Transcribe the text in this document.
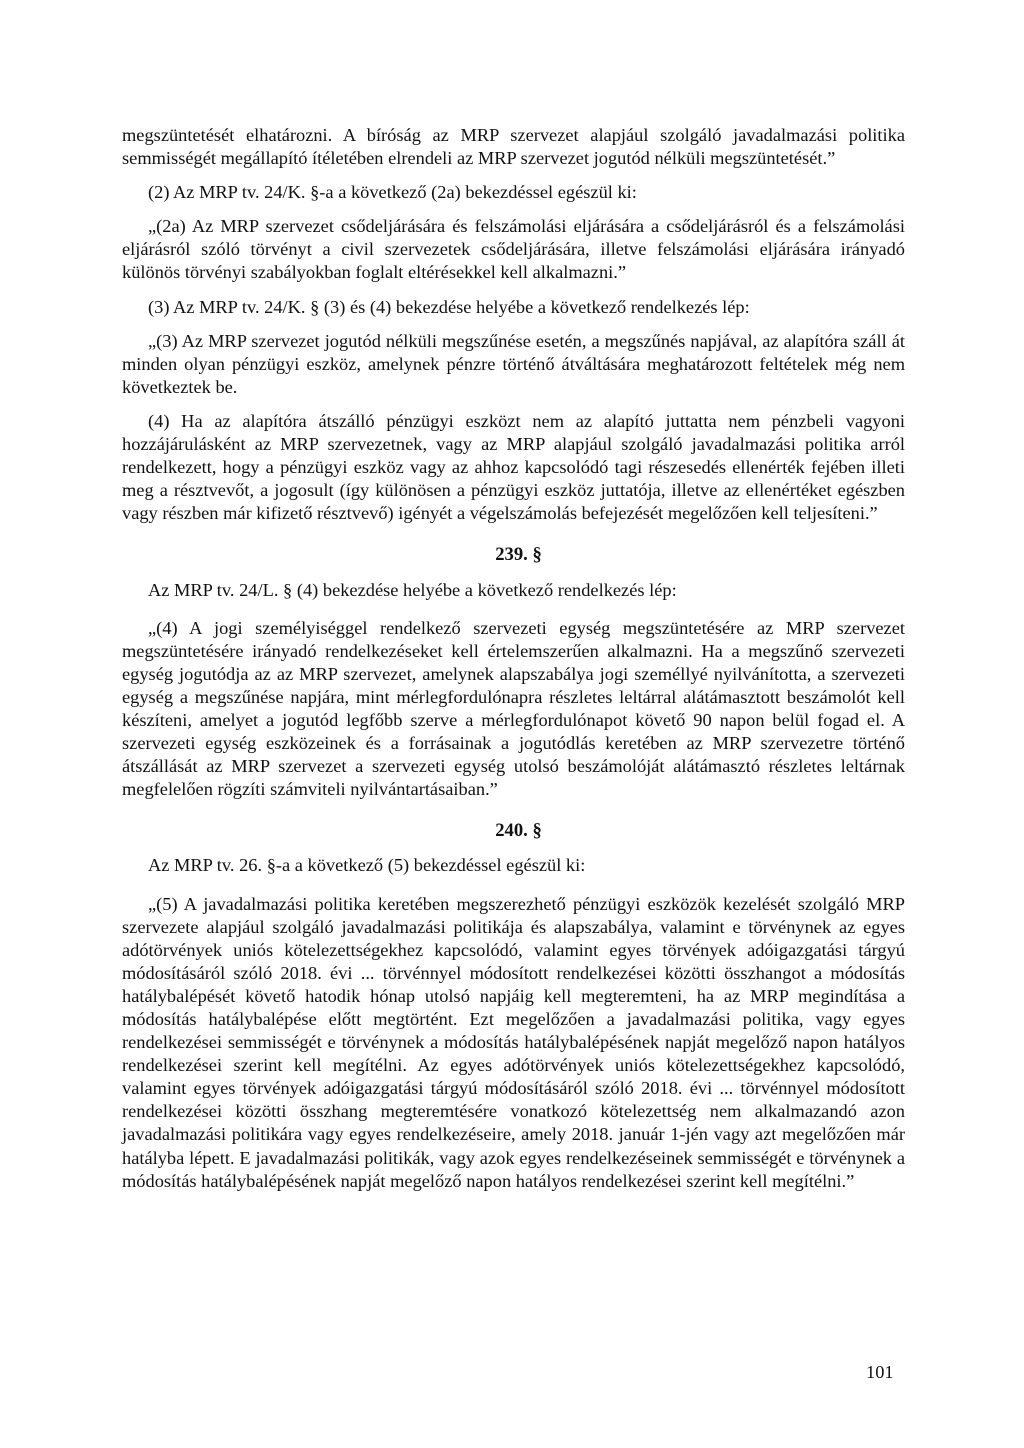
megszüntetését elhatározni. A bíróság az MRP szervezet alapjául szolgáló javadalmazási politika semmisségét megállapító ítéletében elrendeli az MRP szervezet jogutód nélküli megszüntetését.”

(2) Az MRP tv. 24/K. §-a a következő (2a) bekezdéssel egészül ki:

„(2a) Az MRP szervezet csődeljárására és felszámolási eljárására a csődeljárásról és a felszámolási eljárásról szóló törvényt a civil szervezetek csődeljárására, illetve felszámolási eljárására irányadó különös törvényi szabályokban foglalt eltérésekkel kell alkalmazni.”

(3) Az MRP tv. 24/K. § (3) és (4) bekezdése helyébe a következő rendelkezés lép:

„(3) Az MRP szervezet jogutód nélküli megszűnése esetén, a megszűnés napjával, az alapítóra száll át minden olyan pénzügyi eszköz, amelynek pénzre történő átváltására meghatározott feltételek még nem következtek be.

(4) Ha az alapítóra átszálló pénzügyi eszközt nem az alapító juttatta nem pénzbeli vagyoni hozzájárulásként az MRP szervezetnek, vagy az MRP alapjául szolgáló javadalmazási politika arról rendelkezett, hogy a pénzügyi eszköz vagy az ahhoz kapcsolódó tagi részesedés ellenérték fejében illeti meg a résztvevőt, a jogosult (így különösen a pénzügyi eszköz juttatója, illetve az ellenértéket egészben vagy részben már kifizető résztvevő) igényét a végelszámolás befejezését megelőzően kell teljesíteni.”

239. §

Az MRP tv. 24/L. § (4) bekezdése helyébe a következő rendelkezés lép:

„(4) A jogi személyiséggel rendelkező szervezeti egység megszüntetésére az MRP szervezet megszüntetésére irányadó rendelkezéseket kell értelemszerűen alkalmazni. Ha a megszűnő szervezeti egység jogutódja az az MRP szervezet, amelynek alapszabálya jogi személlyé nyilvánította, a szervezeti egység a megszűnése napjára, mint mérlegfordulónapra részletes leltárral alátámasztott beszámolót kell készíteni, amelyet a jogutód legfőbb szerve a mérlegfordulónapot követő 90 napon belül fogad el. A szervezeti egység eszközeinek és a forrásainak a jogutódlás keretében az MRP szervezetre történő átszállását az MRP szervezet a szervezeti egység utolsó beszámolóját alátámasztó részletes leltárnak megfelelően rögzíti számviteli nyilvántartásaiban.”

240. §

Az MRP tv. 26. §-a a következő (5) bekezdéssel egészül ki:

„(5) A javadalmazási politika keretében megszerezhető pénzügyi eszközök kezelését szolgáló MRP szervezete alapjául szolgáló javadalmazási politikája és alapszabálya, valamint e törvénynek az egyes adótörvények uniós kötelezettségekhez kapcsolódó, valamint egyes törvények adóigazgatási tárgyú módosításáról szóló 2018. évi ... törvénnyel módosított rendelkezései közötti összhangot a módosítás hatálybalépését követő hatodik hónap utolsó napjáig kell megteremteni, ha az MRP megindítása a módosítás hatálybalépése előtt megtörtént. Ezt megelőzően a javadalmazási politika, vagy egyes rendelkezései semmisségét e törvénynek a módosítás hatálybalépésének napját megelőző napon hatályos rendelkezései szerint kell megítélni. Az egyes adótörvények uniós kötelezettségekhez kapcsolódó, valamint egyes törvények adóigazgatási tárgyú módosításáról szóló 2018. évi ... törvénnyel módosított rendelkezései közötti összhang megteremtésére vonatkozó kötelezettség nem alkalmazandó azon javadalmazási politikára vagy egyes rendelkezéseire, amely 2018. január 1-jén vagy azt megelőzően már hatályba lépett. E javadalmazási politikák, vagy azok egyes rendelkezéseinek semmisségét e törvénynek a módosítás hatálybalépésének napját megelőző napon hatályos rendelkezései szerint kell megítélni.”

101
